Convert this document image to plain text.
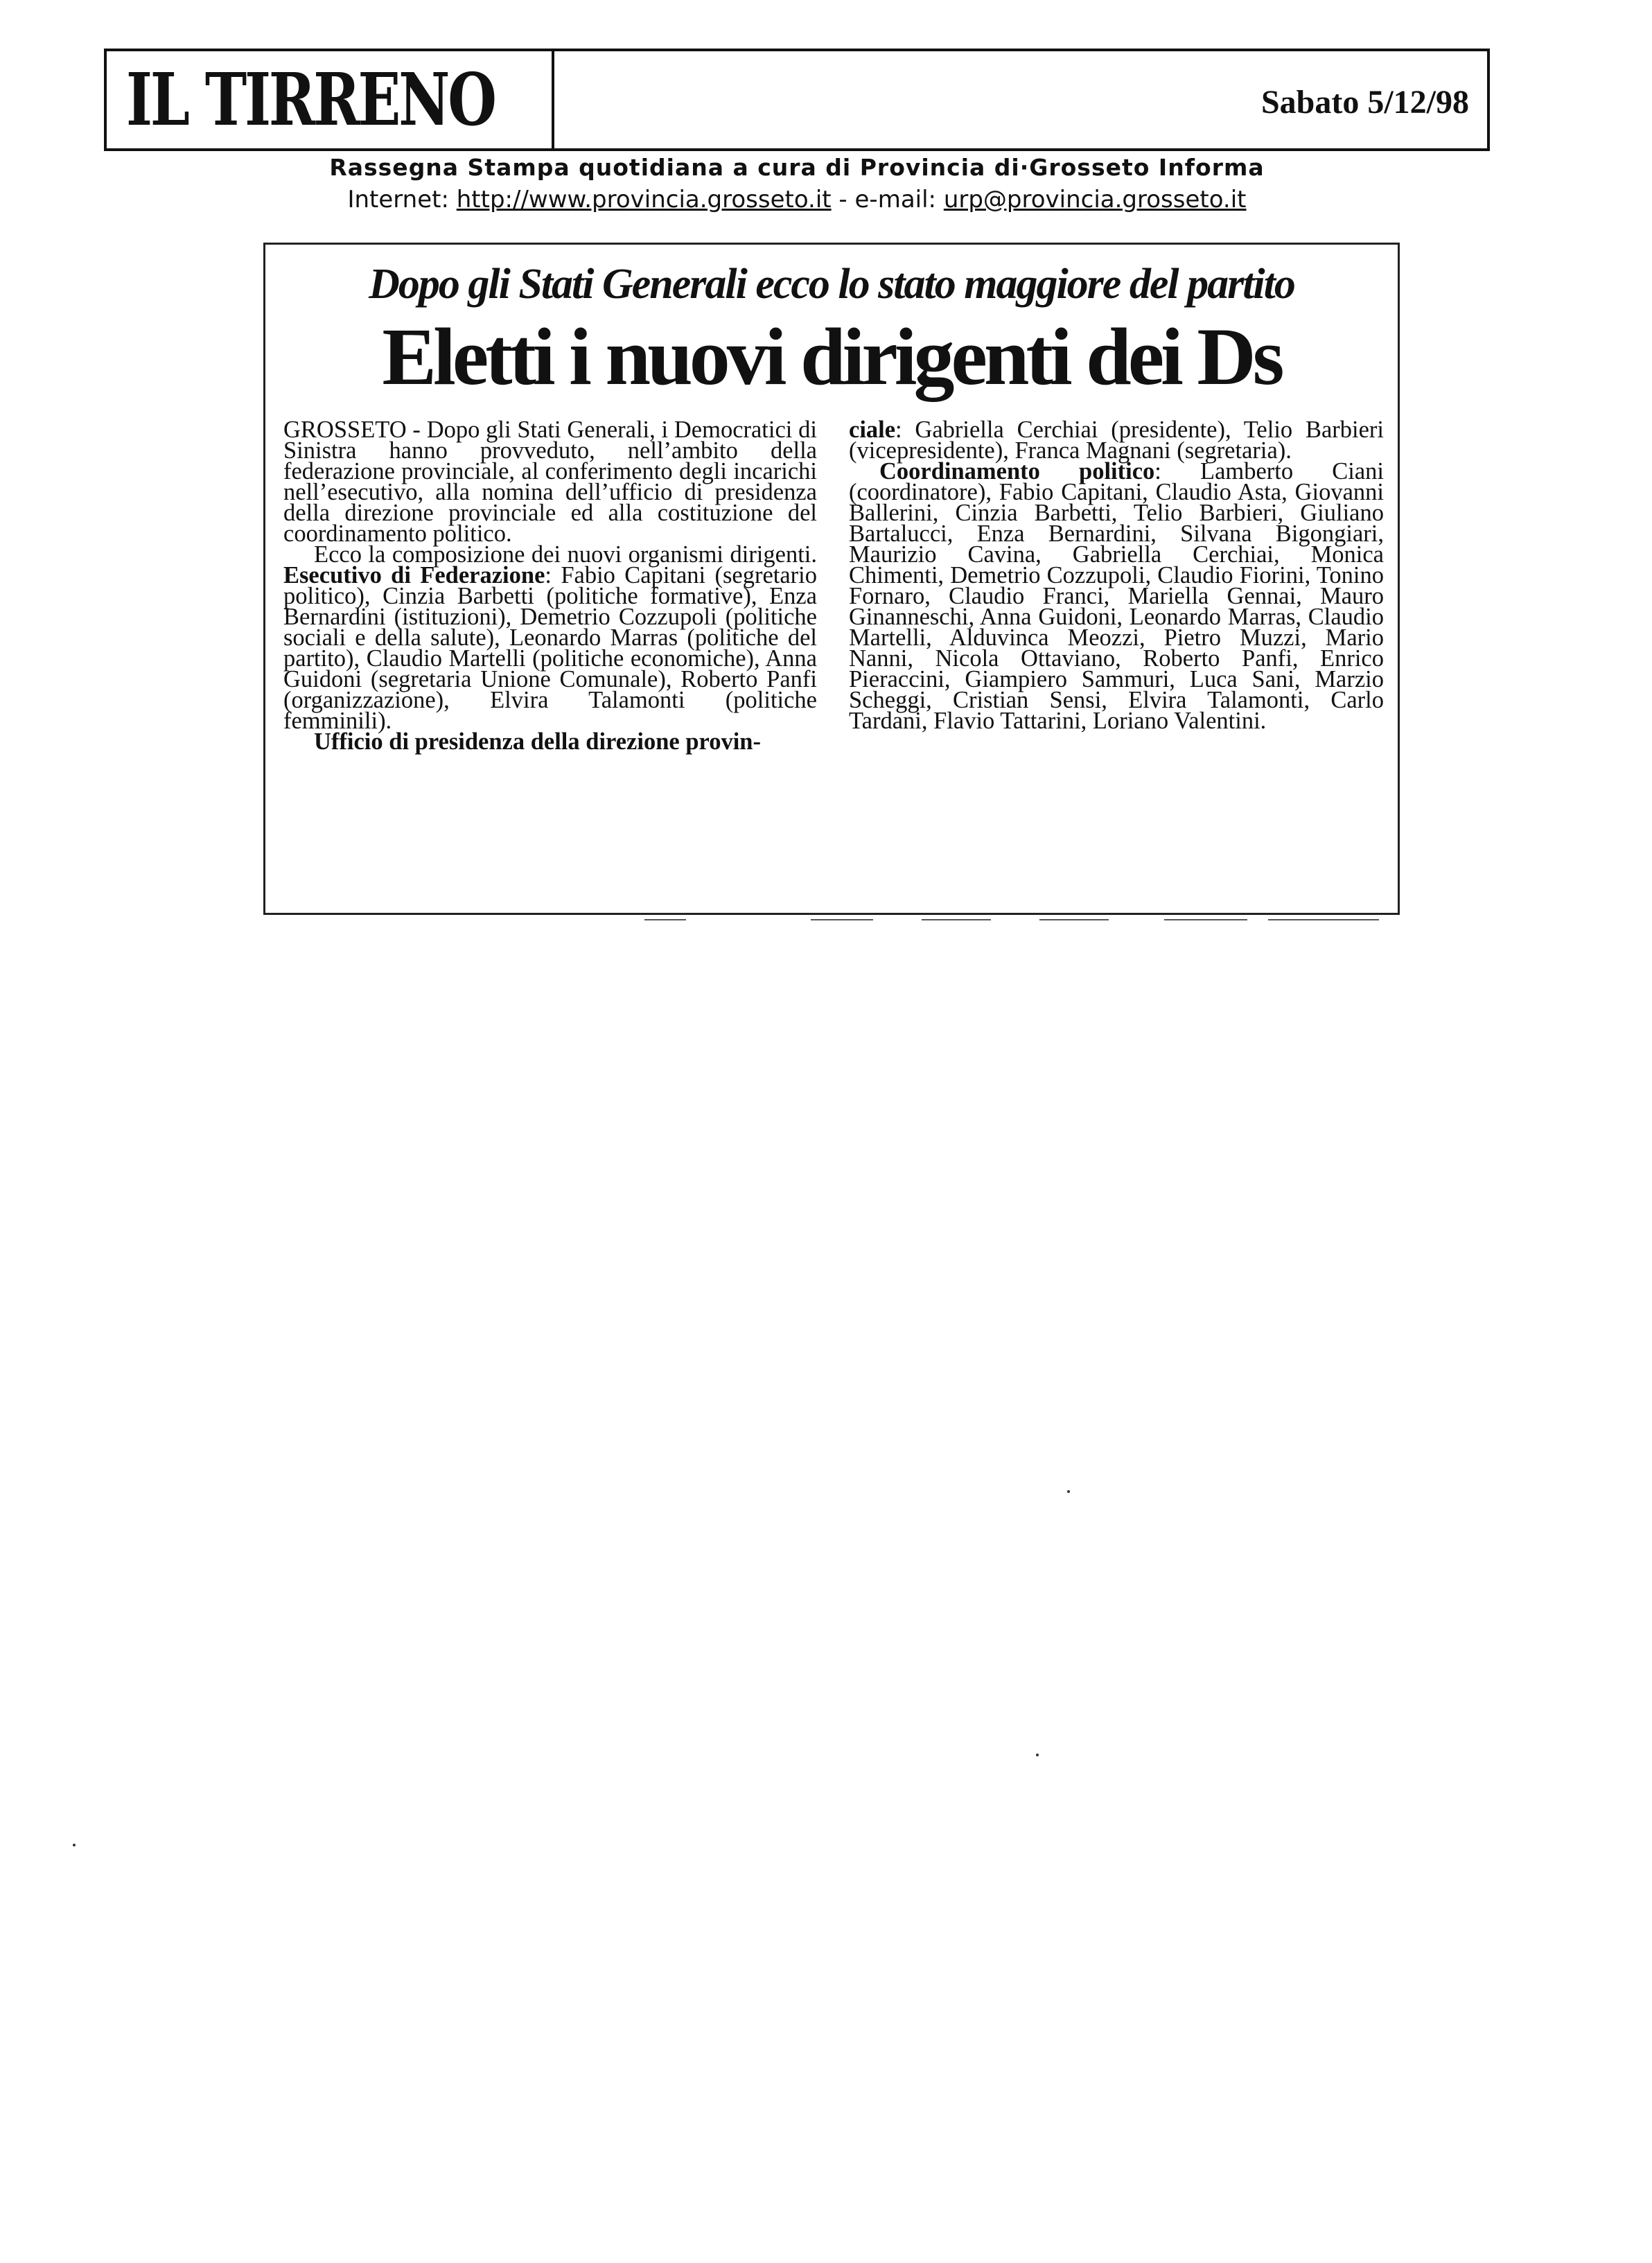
IL TIRRENO	Sabato 5/12/98
Rassegna Stampa quotidiana a cura di Provincia di·Grosseto Informa
Internet: http://www.provincia.grosseto.it - e-mail: urp@provincia.grosseto.it
Dopo gli Stati Generali ecco lo stato maggiore del partito
Eletti i nuovi dirigenti dei Ds

GROSSETO - Dopo gli Stati Generali, i Democratici di Sinistra hanno provveduto, nell’ambito della federazione provinciale, al conferimento degli incarichi nell’esecutivo, alla nomina dell’ufficio di presidenza della direzione provinciale ed alla costituzione del coordinamento politico.

Ecco la composizione dei nuovi organismi dirigenti. Esecutivo di Federazione: Fabio Capitani (segretario politico), Cinzia Barbetti (politiche formative), Enza Bernardini (istituzioni), Demetrio Cozzupoli (politiche sociali e della salute), Leonardo Marras (politiche del partito), Claudio Martelli (politiche economiche), Anna Guidoni (segretaria Unione Comunale), Roberto Panfi (organizzazione), Elvira Talamonti (politiche femminili).

Ufficio di presidenza della direzione provin-

ciale: Gabriella Cerchiai (presidente), Telio Barbieri (vicepresidente), Franca Magnani (segretaria).

Coordinamento politico: Lamberto Ciani (coordinatore), Fabio Capitani, Claudio Asta, Giovanni Ballerini, Cinzia Barbetti, Telio Barbieri, Giuliano Bartalucci, Enza Bernardini, Silvana Bigongiari, Maurizio Cavina, Gabriella Cerchiai, Monica Chimenti, Demetrio Cozzupoli, Claudio Fiorini, Tonino Fornaro, Claudio Franci, Mariella Gennai, Mauro Ginanneschi, Anna Guidoni, Leonardo Marras, Claudio Martelli, Alduvinca Meozzi, Pietro Muzzi, Mario Nanni, Nicola Ottaviano, Roberto Panfi, Enrico Pieraccini, Giampiero Sammuri, Luca Sani, Marzio Scheggi, Cristian Sensi, Elvira Talamonti, Carlo Tardani, Flavio Tattarini, Loriano Valentini.
